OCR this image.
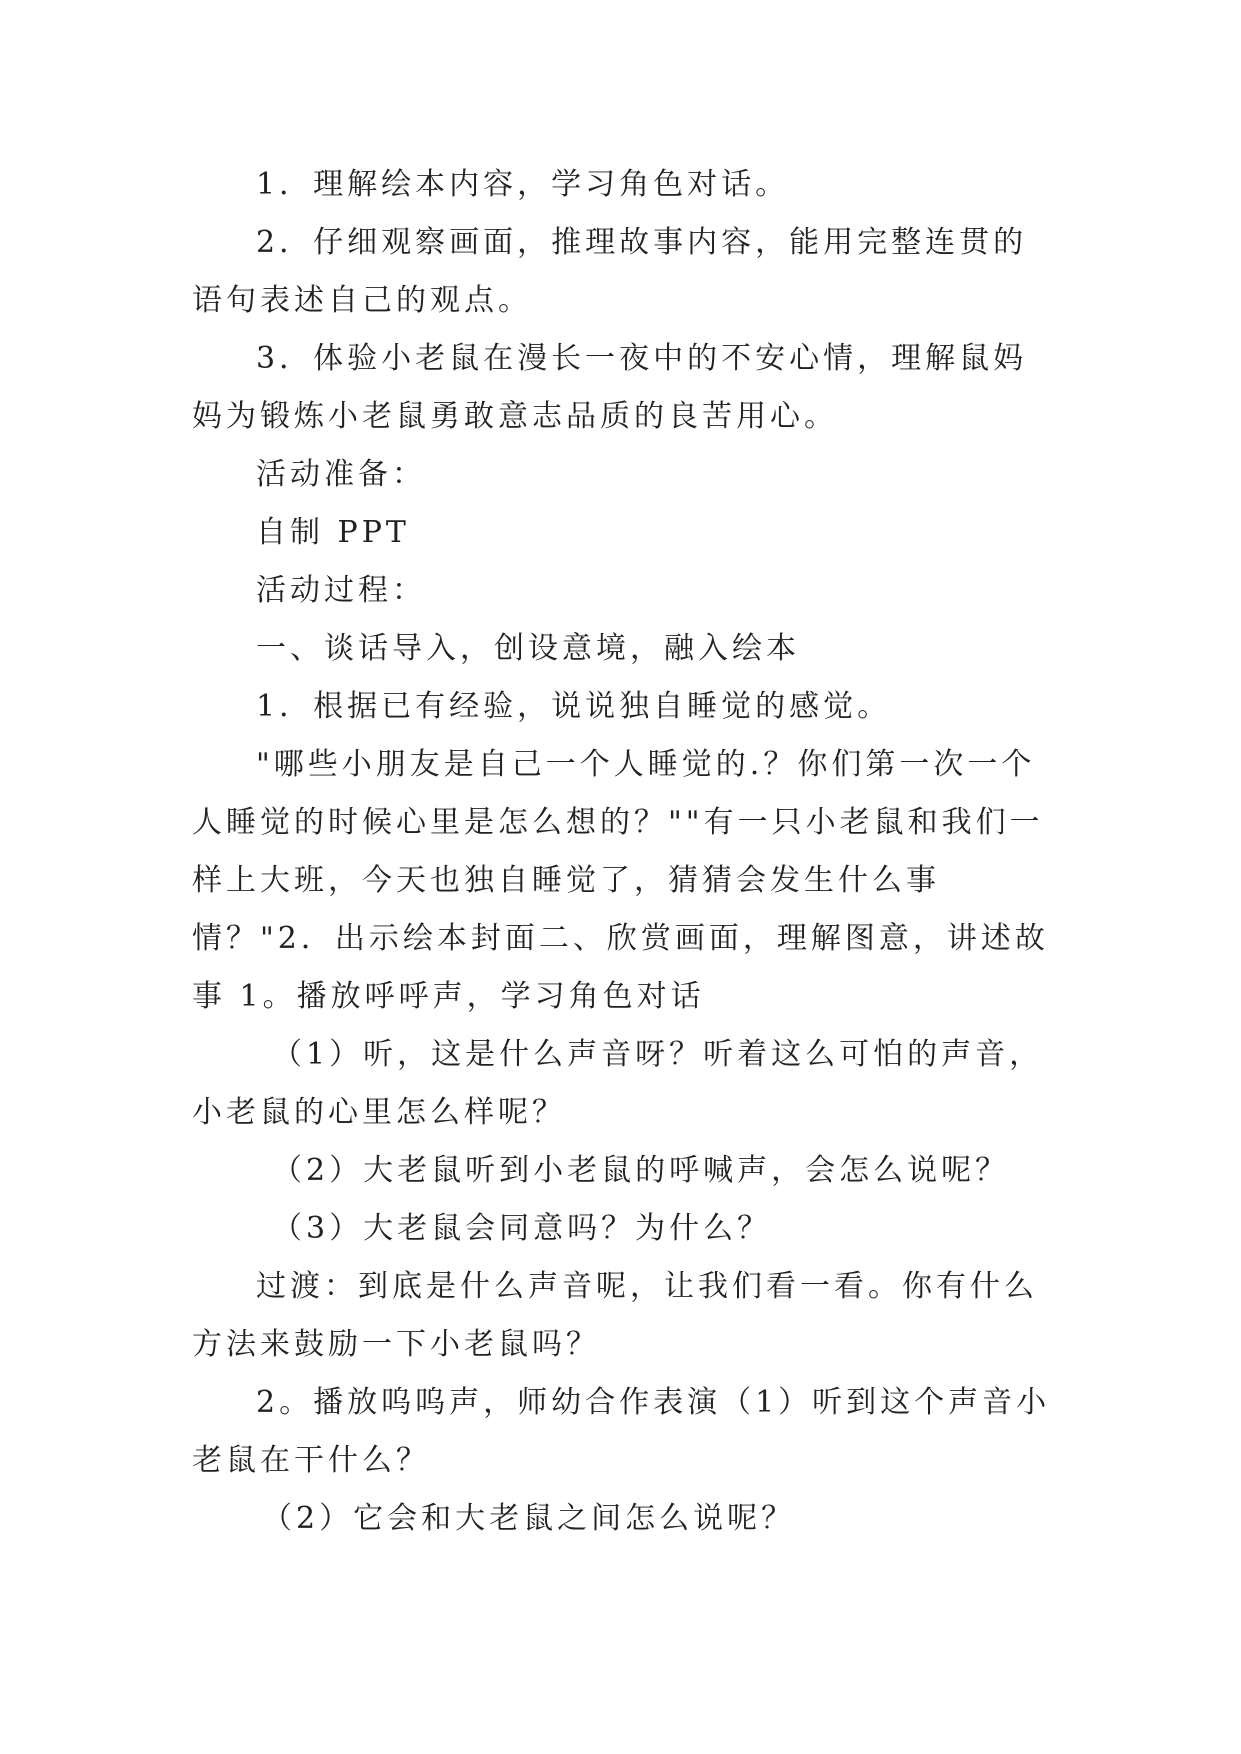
1．理解绘本内容，学习角色对话。

2．仔细观察画面，推理故事内容，能用完整连贯的语句表述自己的观点。

3．体验小老鼠在漫长一夜中的不安心情，理解鼠妈妈为锻炼小老鼠勇敢意志品质的良苦用心。

活动准备：

自制 PPT

活动过程：

一、谈话导入，创设意境，融入绘本

1．根据已有经验，说说独自睡觉的感觉。

"哪些小朋友是自己一个人睡觉的.？你们第一次一个人睡觉的时候心里是怎么想的？""有一只小老鼠和我们一样上大班，今天也独自睡觉了，猜猜会发生什么事情？"2．出示绘本封面二、欣赏画面，理解图意，讲述故事 1。播放呼呼声，学习角色对话

（1）听，这是什么声音呀？听着这么可怕的声音，小老鼠的心里怎么样呢？

（2）大老鼠听到小老鼠的呼喊声，会怎么说呢？

（3）大老鼠会同意吗？为什么？

过渡：到底是什么声音呢，让我们看一看。你有什么方法来鼓励一下小老鼠吗？

2。播放呜呜声，师幼合作表演（1）听到这个声音小老鼠在干什么？

（2）它会和大老鼠之间怎么说呢？
